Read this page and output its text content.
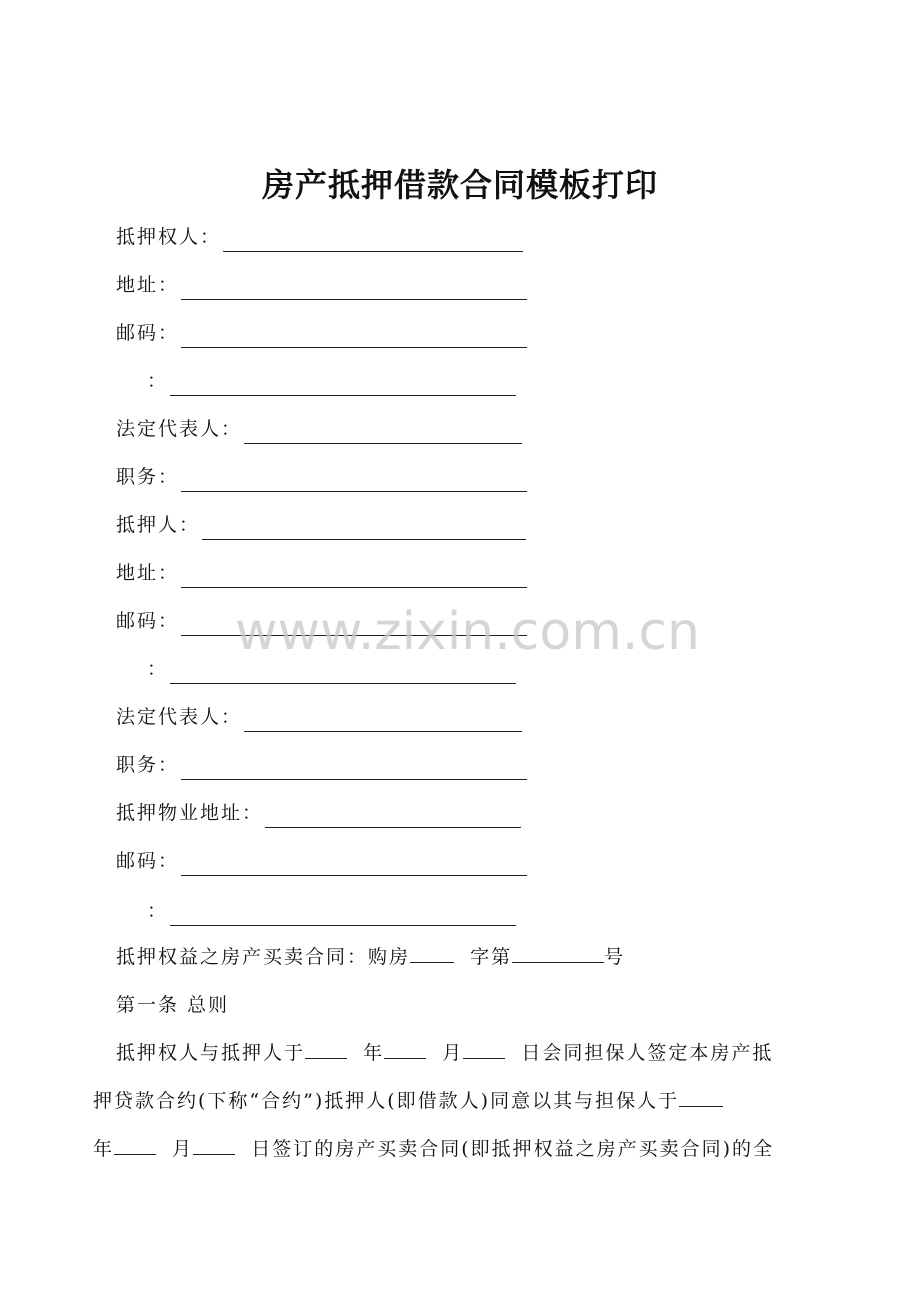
房产抵押借款合同模板打印
抵押权人：
地址：
邮码：
：
法定代表人：
职务：
抵押人：
地址：
邮码：
：
法定代表人：
职务：
抵押物业地址：
邮码：
：
抵押权益之房产买卖合同：购房	字第	号
第一条 总则
抵押权人与抵押人于	年	月	日会同担保人签定本房产抵
押贷款合约(下称“合约”)抵押人(即借款人)同意以其与担保人于
年	月	日签订的房产买卖合同(即抵押权益之房产买卖合同)的全
www.zixin.com.cn
